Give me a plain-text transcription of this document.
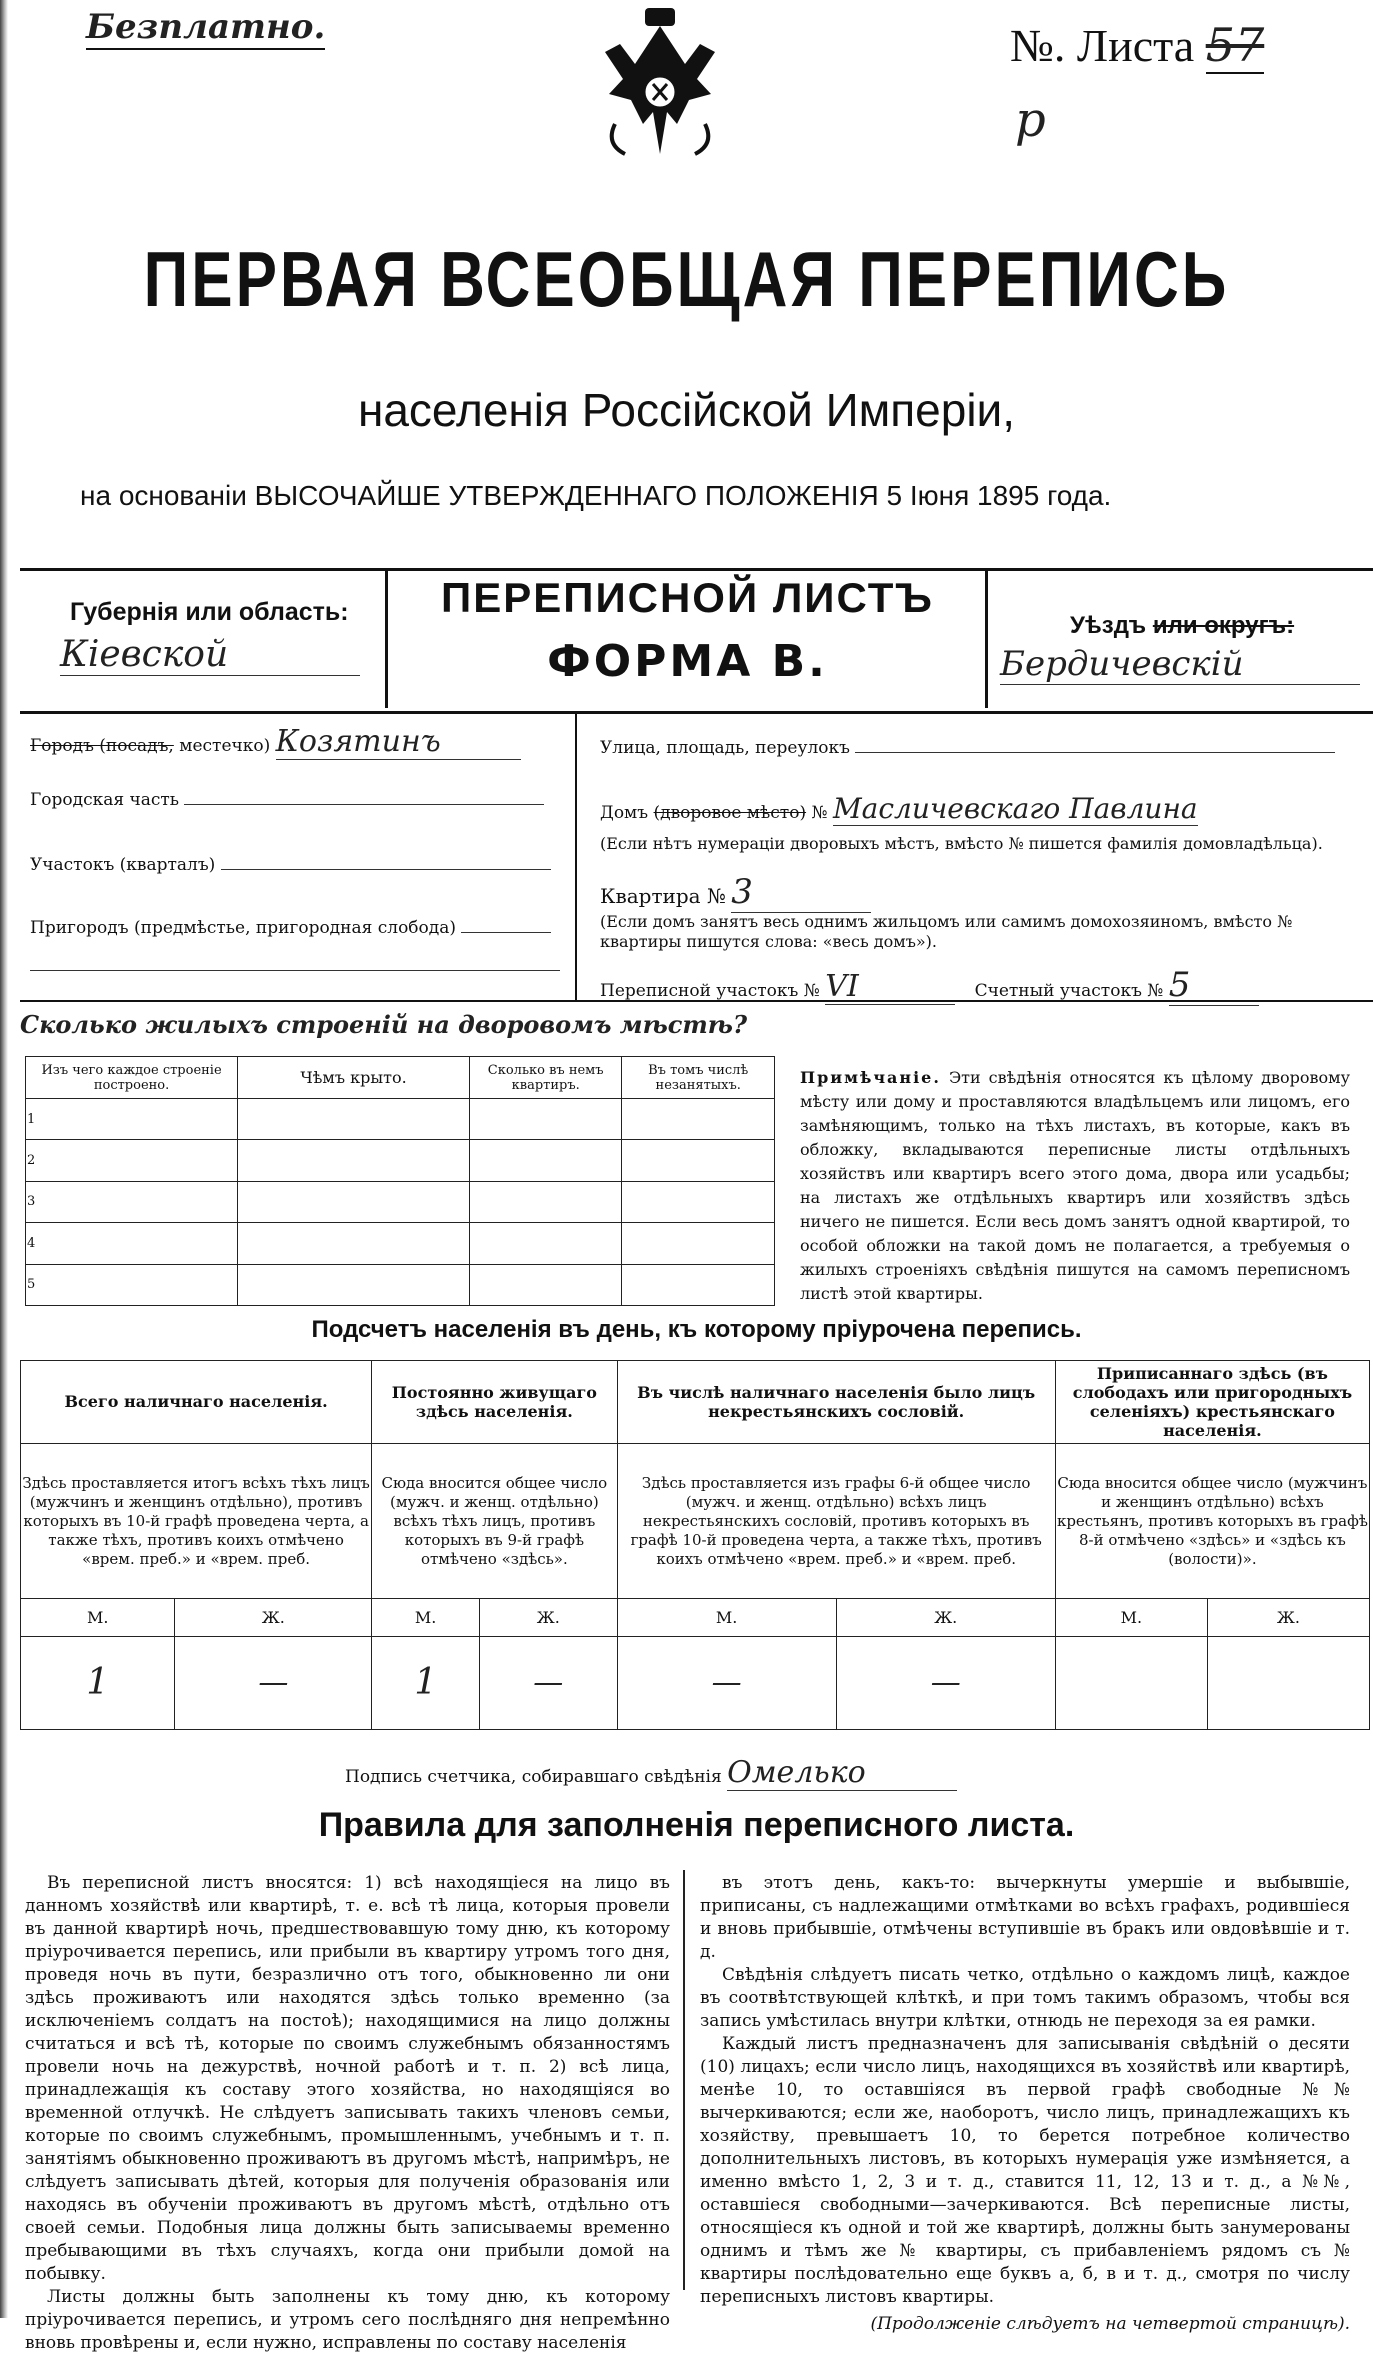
Безплатно.	№. Листа 57
р
ПЕРВАЯ ВСЕОБЩАЯ ПЕРЕПИСЬ
населенія Россійской Имперіи,
на основаніи ВЫСОЧАЙШЕ УТВЕРЖДЕННАГО ПОЛОЖЕНІЯ 5 Іюня 1895 года.
Губернія или область:
Кіевской
ПЕРЕПИСНОЙ ЛИСТЪ
ФОРМА В.
Уѣздъ или округъ:
Бердичевскій
Городъ (посадъ, местечко) Козятинъ
Городская часть
Участокъ (кварталъ)
Пригородъ (предмѣстье, пригородная слобода)
Улица, площадь, переулокъ
Домъ (дворовое мѣсто) № Масличевскаго Павлина
(Если нѣтъ нумераціи дворовыхъ мѣстъ, вмѣсто № пишется фамилія домовладѣльца).
Квартира № 3
(Если домъ занятъ весь однимъ жильцомъ или самимъ домохозяиномъ, вмѣсто № квартиры пишутся слова: «весь домъ»).
Переписной участокъ № VI	Счетный участокъ № 5
Сколько жилыхъ строеній на дворовомъ мѣстѣ?
Изъ чего каждое строеніе построено.	Чѣмъ крыто.	Сколько въ немъ квартиръ.	Въ томъ числѣ незанятыхъ.
1			
2			
3			
4			
5			
Примѣчаніе. Эти свѣдѣнія относятся къ цѣлому дворовому мѣсту или дому и проставляются владѣльцемъ или лицомъ, его замѣняющимъ, только на тѣхъ листахъ, въ которые, какъ въ обложку, вкладываются переписные листы отдѣльныхъ хозяйствъ или квартиръ всего этого дома, двора или усадьбы; на листахъ же отдѣльныхъ квартиръ или хозяйствъ здѣсь ничего не пишется. Если весь домъ занятъ одной квартирой, то особой обложки на такой домъ не полагается, а требуемыя о жилыхъ строеніяхъ свѣдѣнія пишутся на самомъ переписномъ листѣ этой квартиры.
Подсчетъ населенія въ день, къ которому пріурочена перепись.
Всего наличнаго населенія.		Постоянно живущаго здѣсь населенія.		Въ числѣ наличнаго населенія было лицъ некрестьянскихъ сословій.		Приписаннаго здѣсь (въ слободахъ или пригородныхъ селеніяхъ) крестьянскаго населенія.	
Здѣсь проставляется итогъ всѣхъ тѣхъ лицъ (мужчинъ и женщинъ отдѣльно), противъ которыхъ въ 10-й графѣ проведена черта, а также тѣхъ, противъ коихъ отмѣчено «врем. преб.» и «врем. преб.		Сюда вносится общее число (мужч. и женщ. отдѣльно) всѣхъ тѣхъ лицъ, противъ которыхъ въ 9-й графѣ отмѣчено «здѣсь».		Здѣсь проставляется изъ графы 6-й общее число (мужч. и женщ. отдѣльно) всѣхъ лицъ некрестьянскихъ сословій, противъ которыхъ въ графѣ 10-й проведена черта, а также тѣхъ, противъ коихъ отмѣчено «врем. преб.» и «врем. преб.		Сюда вносится общее число (мужчинъ и женщинъ отдѣльно) всѣхъ крестьянъ, противъ которыхъ въ графѣ 8-й отмѣчено «здѣсь» и «здѣсь къ (волости)».	
М.	Ж.	М.	Ж.	М.	Ж.	М.	Ж.
1	—	1	—	—	—		
Подпись счетчика, собиравшаго свѣдѣнія Омелько
Правила для заполненія переписного листа.

Въ переписной листъ вносятся: 1) всѣ находящіеся на лицо въ данномъ хозяйствѣ или квартирѣ, т. е. всѣ тѣ лица, которыя провели въ данной квартирѣ ночь, предшествовавшую тому дню, къ которому пріурочивается перепись, или прибыли въ квартиру утромъ того дня, проведя ночь въ пути, безразлично отъ того, обыкновенно ли они здѣсь проживаютъ или находятся здѣсь только временно (за исключеніемъ солдатъ на постоѣ); находящимися на лицо должны считаться и всѣ тѣ, которые по своимъ служебнымъ обязанностямъ провели ночь на дежурствѣ, ночной работѣ и т. п. 2) всѣ лица, принадлежащія къ составу этого хозяйства, но находящіяся во временной отлучкѣ. Не слѣдуетъ записывать такихъ членовъ семьи, которые по своимъ служебнымъ, промышленнымъ, учебнымъ и т. п. занятіямъ обыкновенно проживаютъ въ другомъ мѣстѣ, напримѣръ, не слѣдуетъ записывать дѣтей, которыя для полученія образованія или находясь въ обученіи проживаютъ въ другомъ мѣстѣ, отдѣльно отъ своей семьи. Подобныя лица должны быть записываемы временно пребывающими въ тѣхъ случаяхъ, когда они прибыли домой на побывку.

Листы должны быть заполнены къ тому дню, къ которому пріурочивается перепись, и утромъ сего послѣдняго дня непремѣнно вновь провѣрены и, если нужно, исправлены по составу населенія

въ этотъ день, какъ-то: вычеркнуты умершіе и выбывшіе, приписаны, съ надлежащими отмѣтками во всѣхъ графахъ, родившіеся и вновь прибывшіе, отмѣчены вступившіе въ бракъ или овдовѣвшіе и т. д.

Свѣдѣнія слѣдуетъ писать четко, отдѣльно о каждомъ лицѣ, каждое въ соотвѣтствующей клѣткѣ, и при томъ такимъ образомъ, чтобы вся запись умѣстилась внутри клѣтки, отнюдь не переходя за ея рамки.

Каждый листъ предназначенъ для записыванія свѣдѣній о десяти (10) лицахъ; если число лицъ, находящихся въ хозяйствѣ или квартирѣ, менѣе 10, то оставшіяся въ первой графѣ свободные №№ вычеркиваются; если же, наоборотъ, число лицъ, принадлежащихъ къ хозяйству, превышаетъ 10, то берется потребное количество дополнительныхъ листовъ, въ которыхъ нумерація уже измѣняется, а именно вмѣсто 1, 2, 3 и т. д., ставится 11, 12, 13 и т. д., а №№, оставшіеся свободными—зачеркиваются. Всѣ переписные листы, относящіеся къ одной и той же квартирѣ, должны быть занумерованы однимъ и тѣмъ же № квартиры, съ прибавленіемъ рядомъ съ № квартиры послѣдовательно еще буквъ а, б, в и т. д., смотря по числу переписныхъ листовъ квартиры.

(Продолженіе слѣдуетъ на четвертой страницѣ).
